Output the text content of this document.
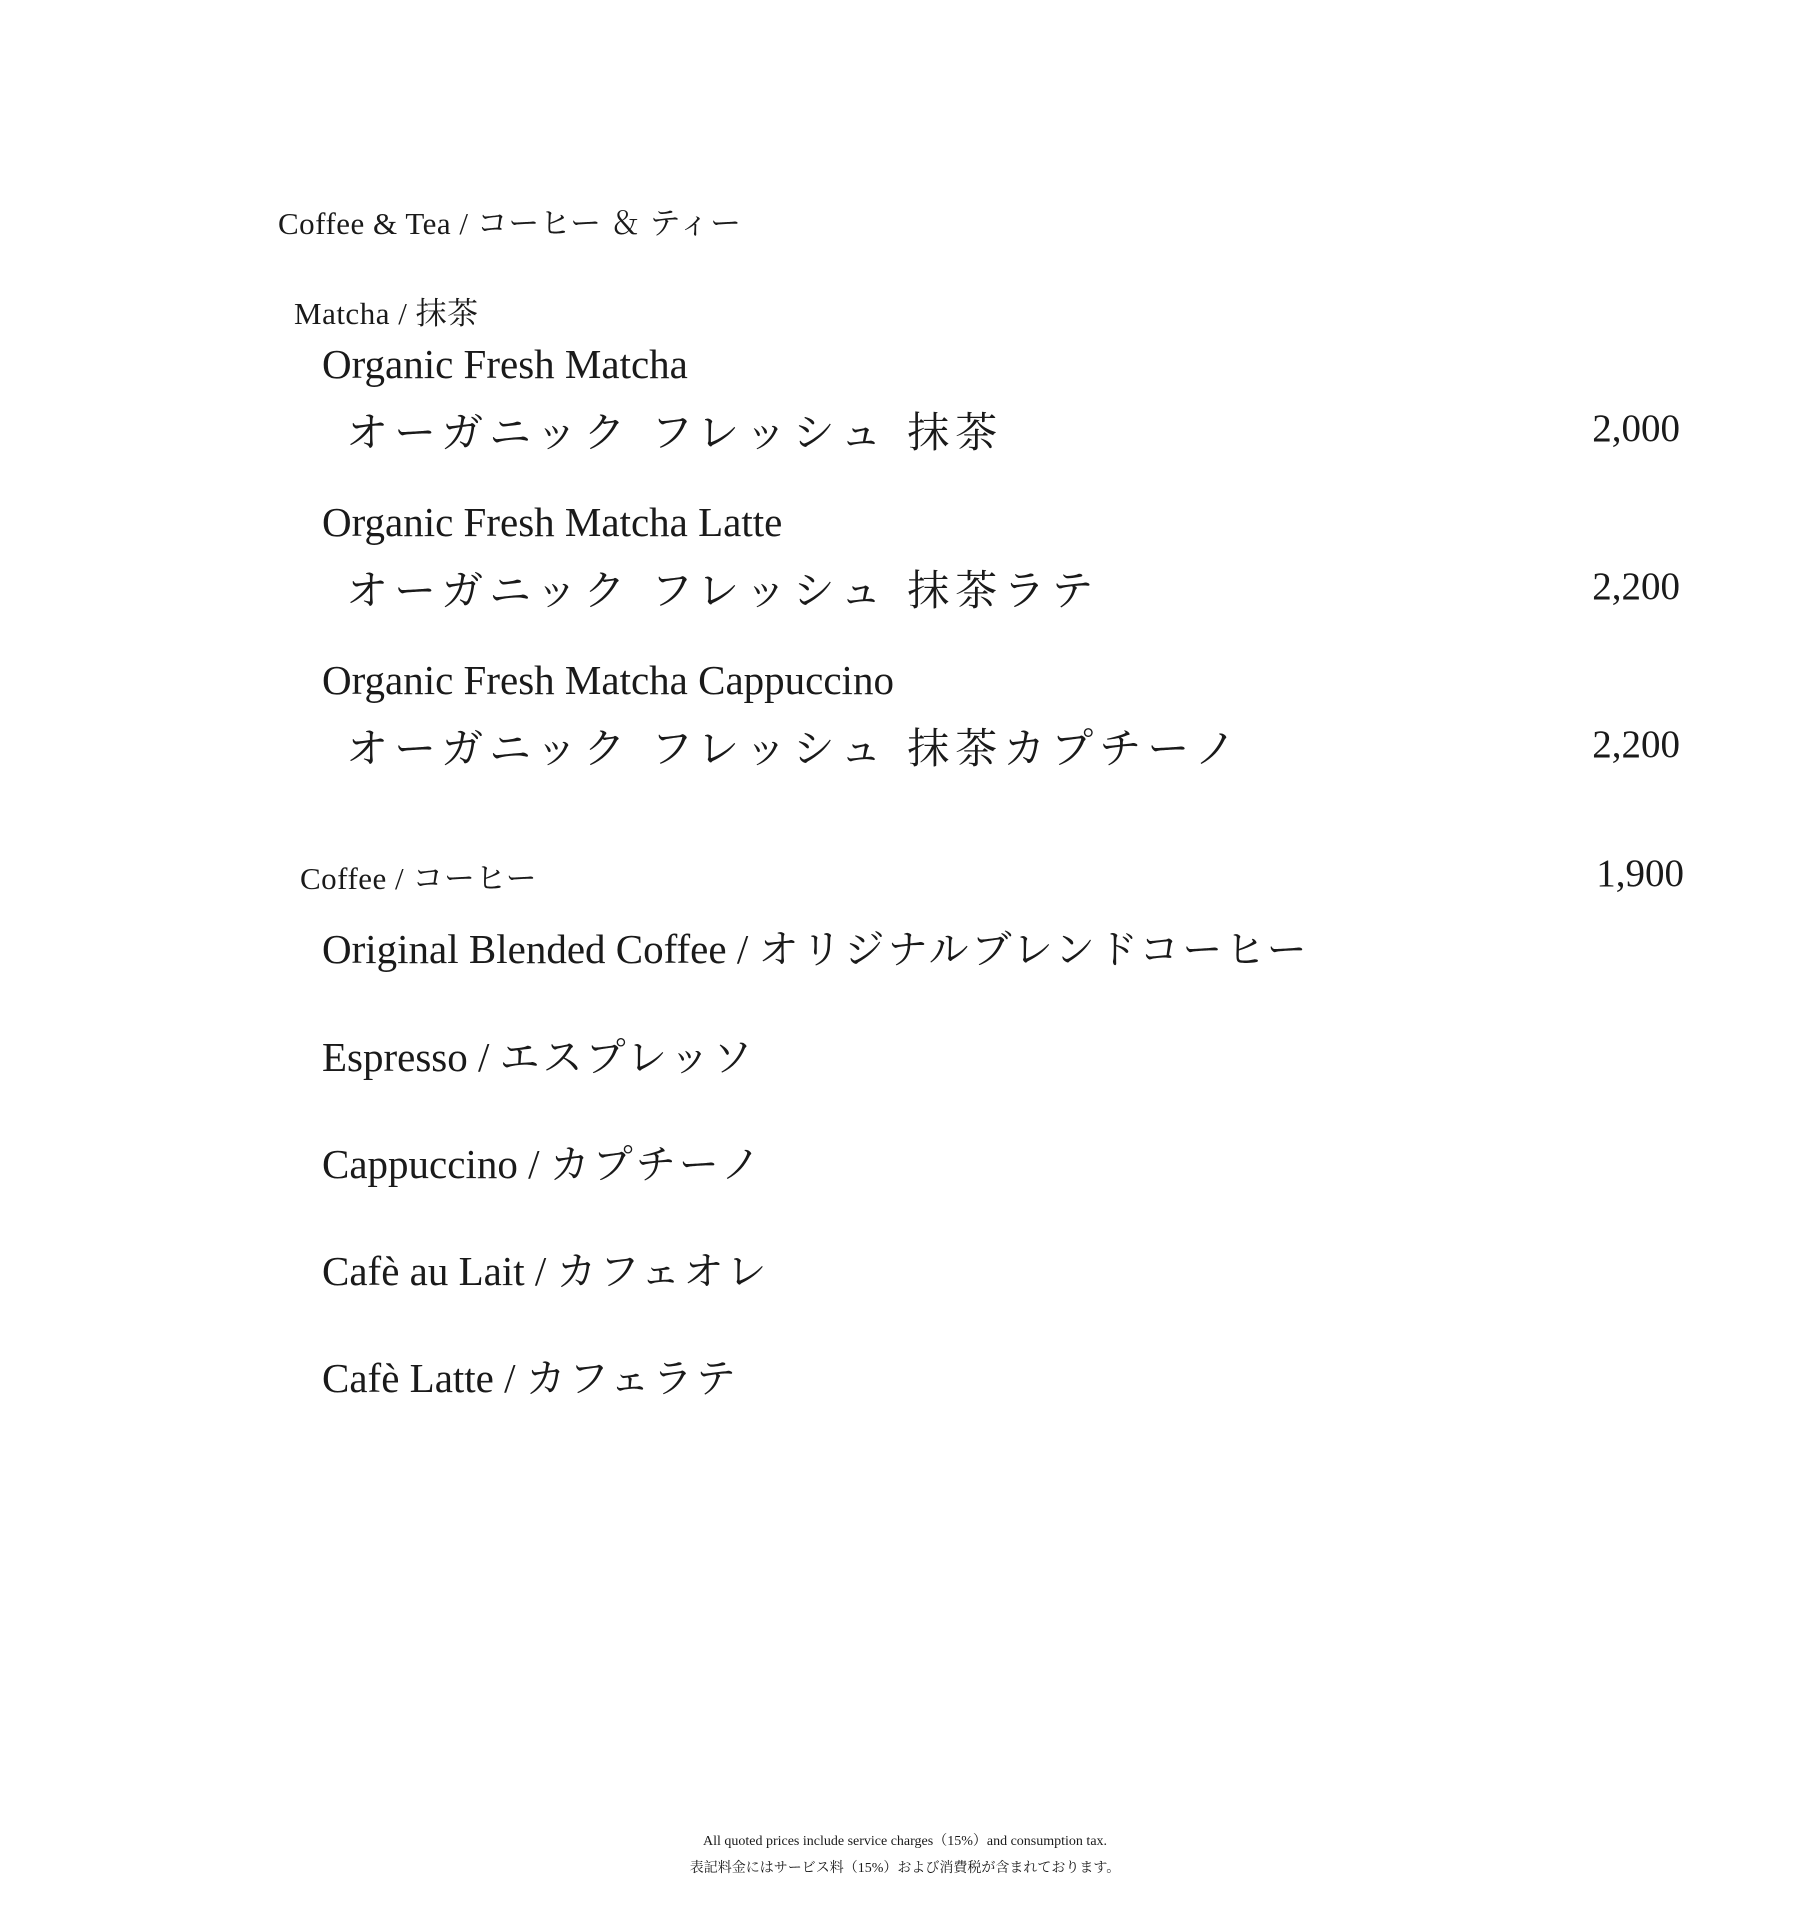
Coffee & Tea / コーヒー ＆ ティー
Matcha / 抹茶
Organic Fresh Matcha
オーガニック フレッシュ 抹茶	2,000
Organic Fresh Matcha Latte
オーガニック フレッシュ 抹茶ラテ	2,200
Organic Fresh Matcha Cappuccino
オーガニック フレッシュ 抹茶カプチーノ	2,200
Coffee / コーヒー	1,900
Original Blended Coffee / オリジナルブレンドコーヒー
Espresso / エスプレッソ
Cappuccino / カプチーノ
Cafè au Lait / カフェオレ
Cafè Latte / カフェラテ
All quoted prices include service charges（15%）and consumption tax.
表記料金にはサービス料（15%）および消費税が含まれております。
